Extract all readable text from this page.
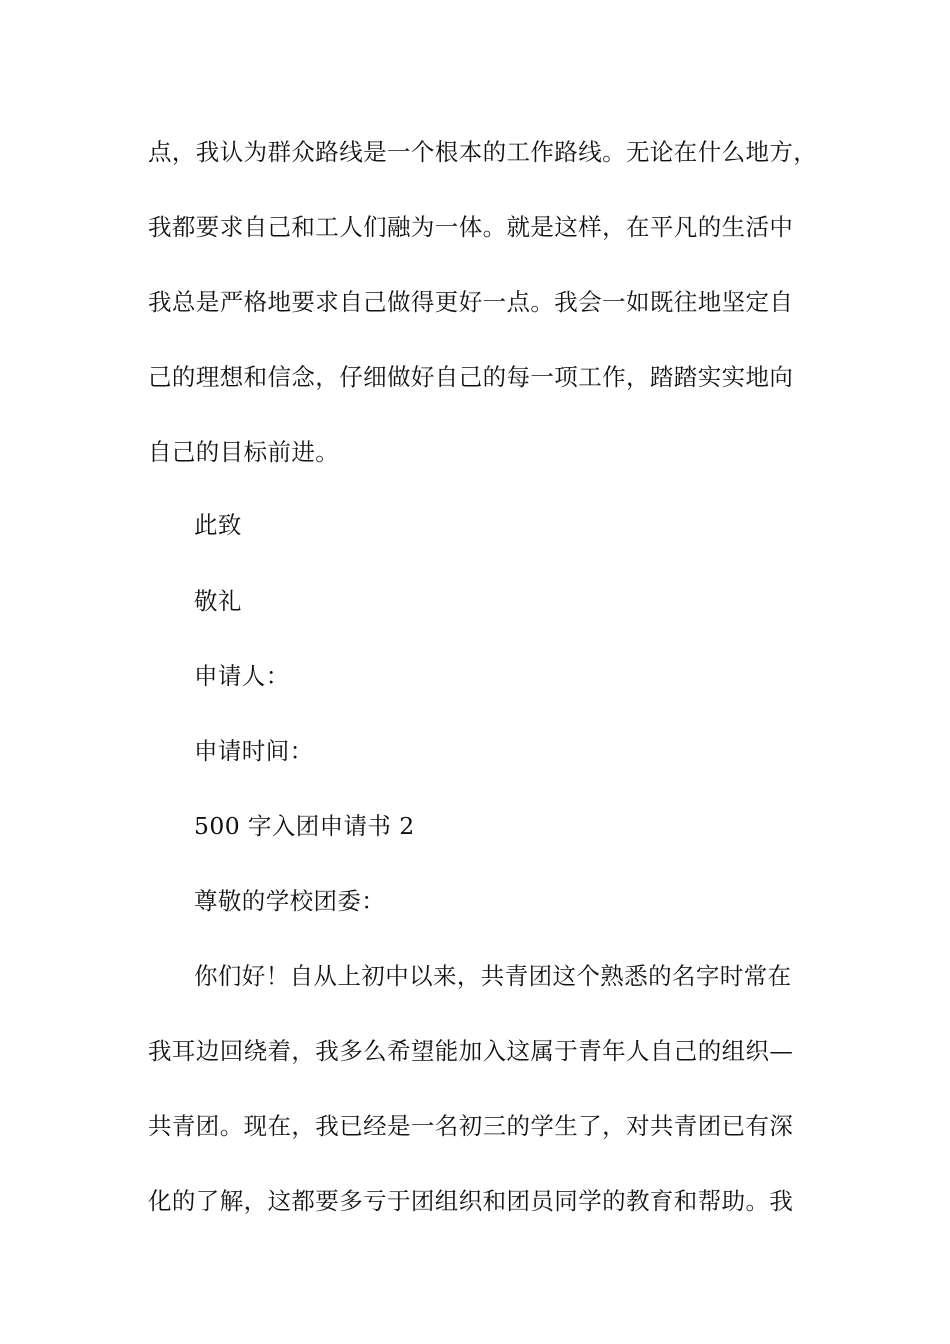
点，我认为群众路线是一个根本的工作路线。无论在什么地方，
我都要求自己和工人们融为一体。就是这样，在平凡的生活中
我总是严格地要求自己做得更好一点。我会一如既往地坚定自
己的理想和信念，仔细做好自己的每一项工作，踏踏实实地向
自己的目标前进。
此致
敬礼
申请人：
申请时间：
500 字入团申请书 2
尊敬的学校团委：
你们好！自从上初中以来，共青团这个熟悉的名字时常在
我耳边回绕着，我多么希望能加入这属于青年人自己的组织—
共青团。现在，我已经是一名初三的学生了，对共青团已有深
化的了解，这都要多亏于团组织和团员同学的教育和帮助。我
